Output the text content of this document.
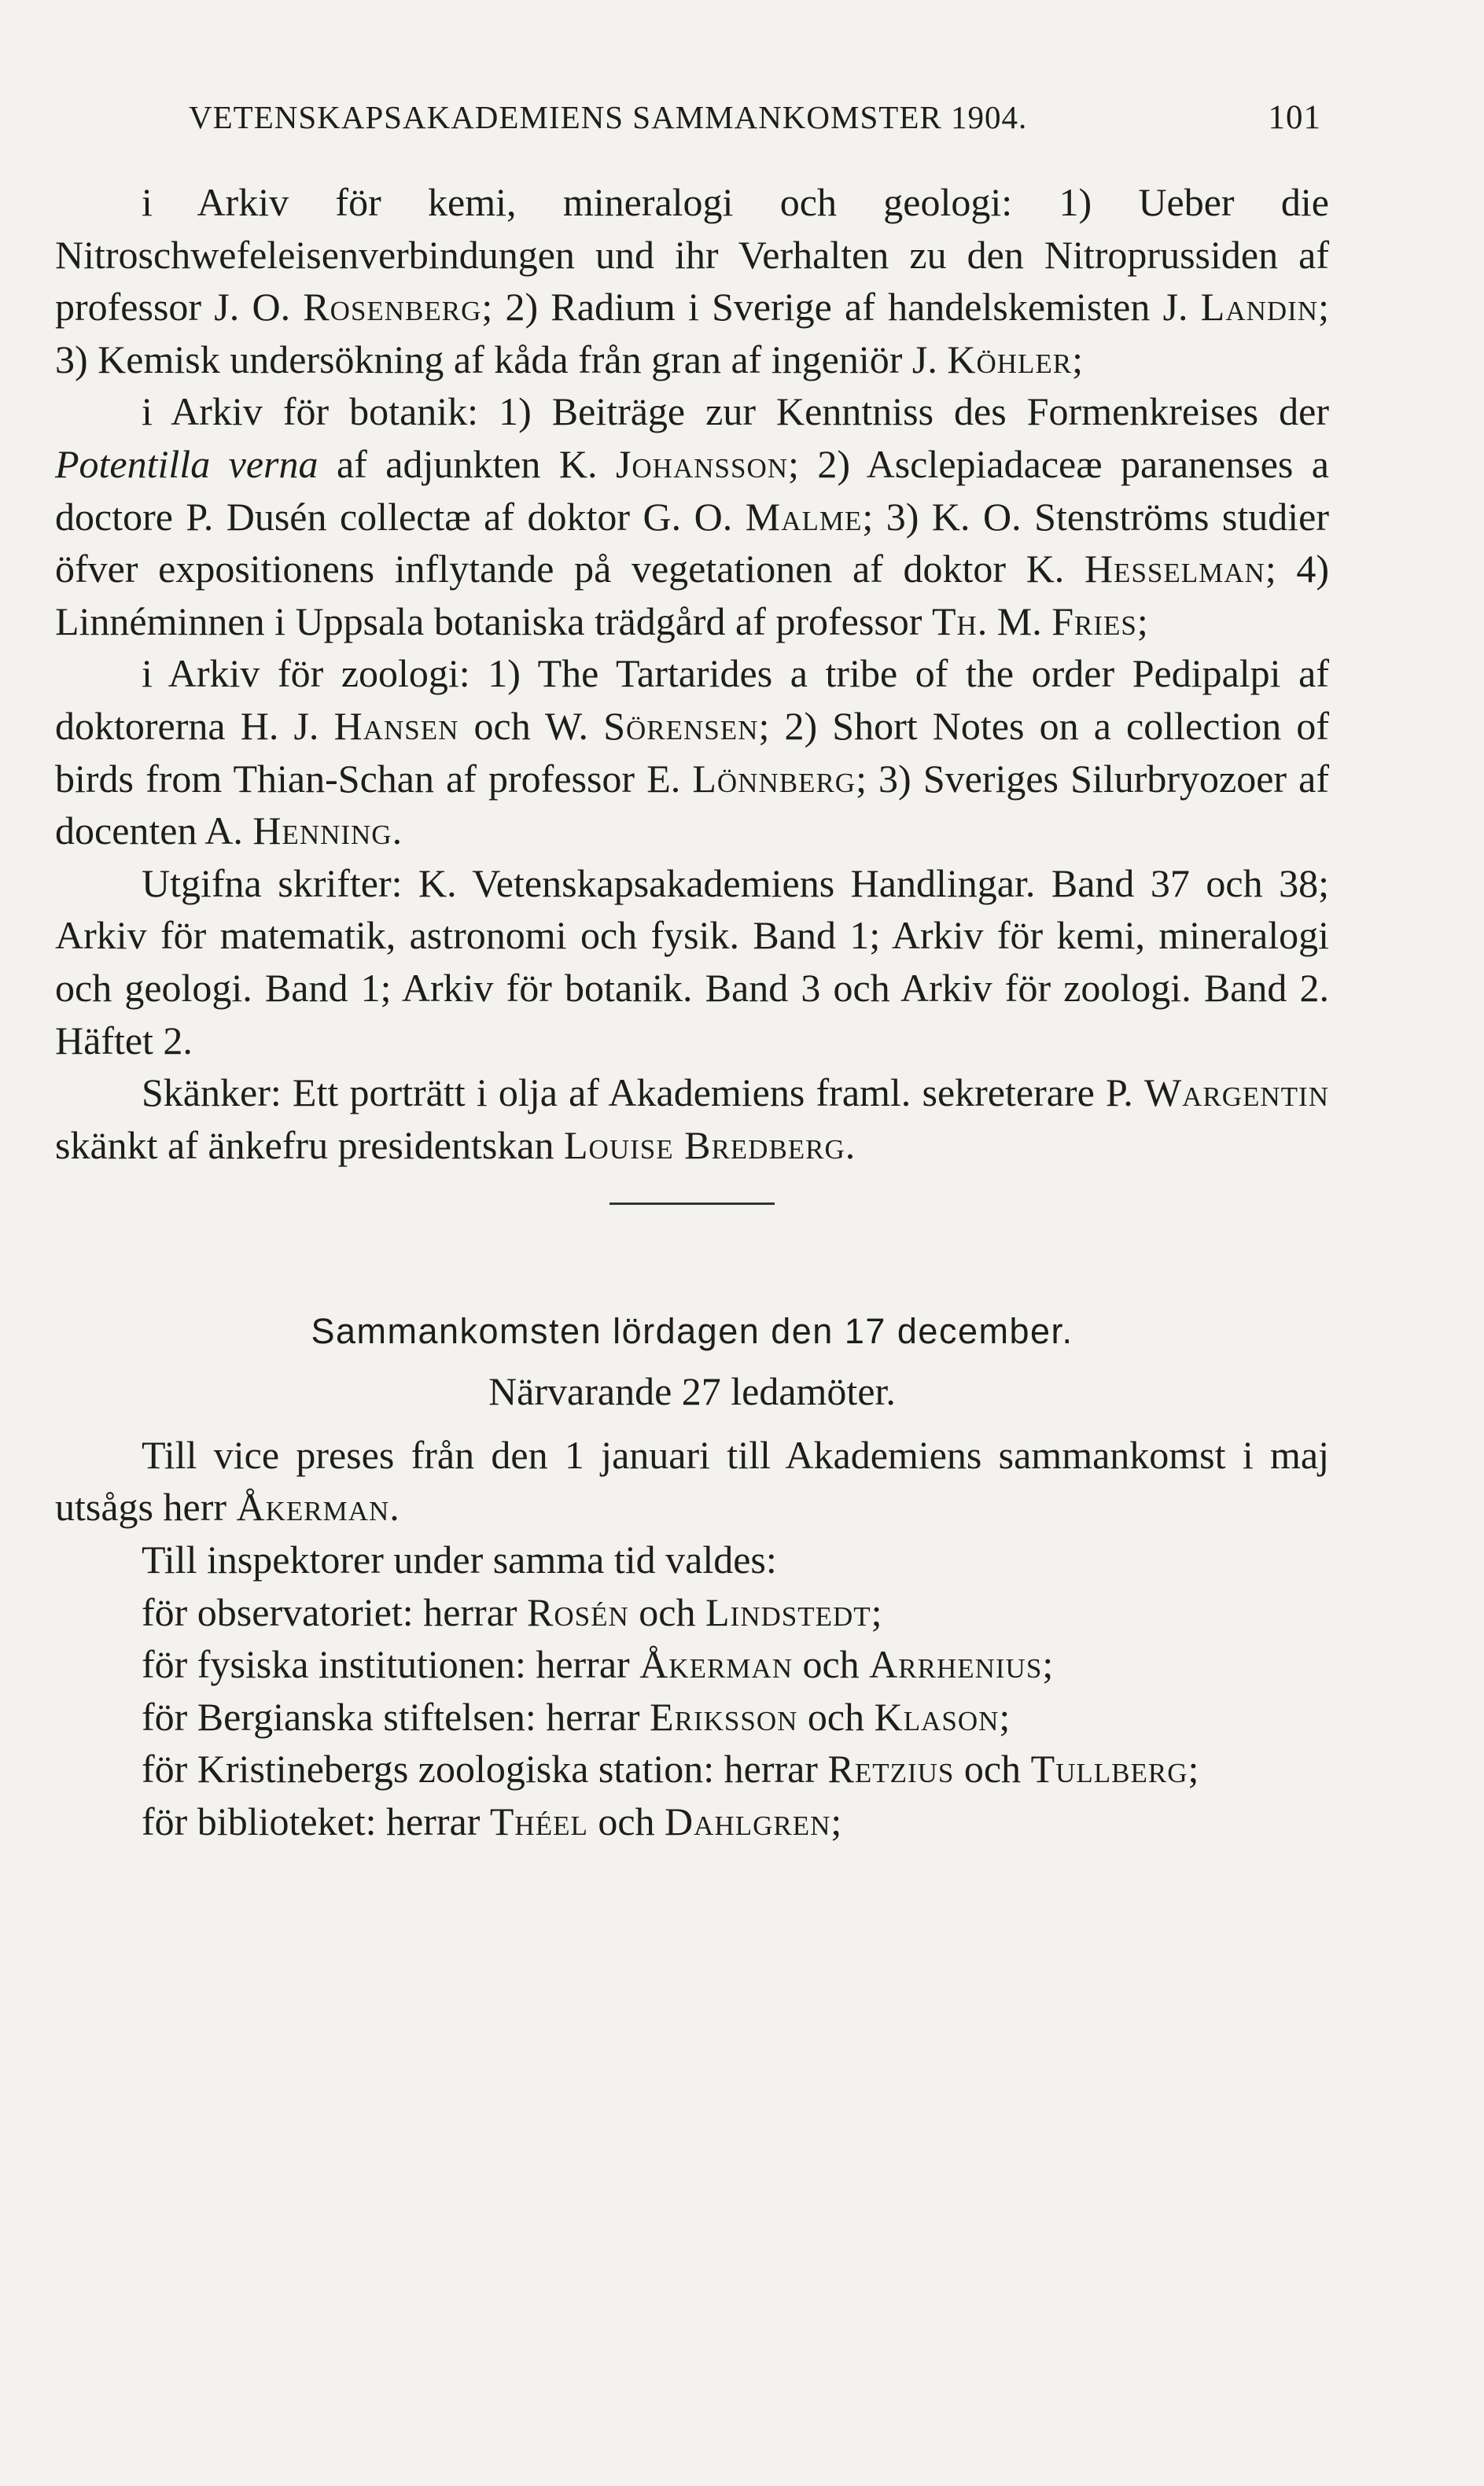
VETENSKAPSAKADEMIENS SAMMANKOMSTER 1904.	101

i Arkiv för kemi, mineralogi och geologi: 1) Ueber die Nitroschwefeleisenverbindungen und ihr Verhalten zu den Nitroprussiden af professor J. O. Rosenberg; 2) Radium i Sverige af handelskemisten J. Landin; 3) Kemisk undersökning af kåda från gran af ingeniör J. Köhler;

i Arkiv för botanik: 1) Beiträge zur Kenntniss des Formenkreises der Potentilla verna af adjunkten K. Johansson; 2) Asclepiadaceæ paranenses a doctore P. Dusén collectæ af doktor G. O. Malme; 3) K. O. Stenströms studier öfver expositionens inflytande på vegetationen af doktor K. Hesselman; 4) Linnéminnen i Uppsala botaniska trädgård af professor Th. M. Fries;

i Arkiv för zoologi: 1) The Tartarides a tribe of the order Pedipalpi af doktorerna H. J. Hansen och W. Sörensen; 2) Short Notes on a collection of birds from Thian-Schan af professor E. Lönnberg; 3) Sveriges Silurbryozoer af docenten A. Henning.

Utgifna skrifter: K. Vetenskapsakademiens Handlingar. Band 37 och 38; Arkiv för matematik, astronomi och fysik. Band 1; Arkiv för kemi, mineralogi och geologi. Band 1; Arkiv för botanik. Band 3 och Arkiv för zoologi. Band 2. Häftet 2.

Skänker: Ett porträtt i olja af Akademiens framl. sekreterare P. Wargentin skänkt af änkefru presidentskan Louise Bredberg.

Sammankomsten lördagen den 17 december.

Närvarande 27 ledamöter.

Till vice preses från den 1 januari till Akademiens sammankomst i maj utsågs herr Åkerman.

Till inspektorer under samma tid valdes:

för observatoriet: herrar Rosén och Lindstedt;

för fysiska institutionen: herrar Åkerman och Arrhenius;

för Bergianska stiftelsen: herrar Eriksson och Klason;

för Kristinebergs zoologiska station: herrar Retzius och Tullberg;

för biblioteket: herrar Théel och Dahlgren;
